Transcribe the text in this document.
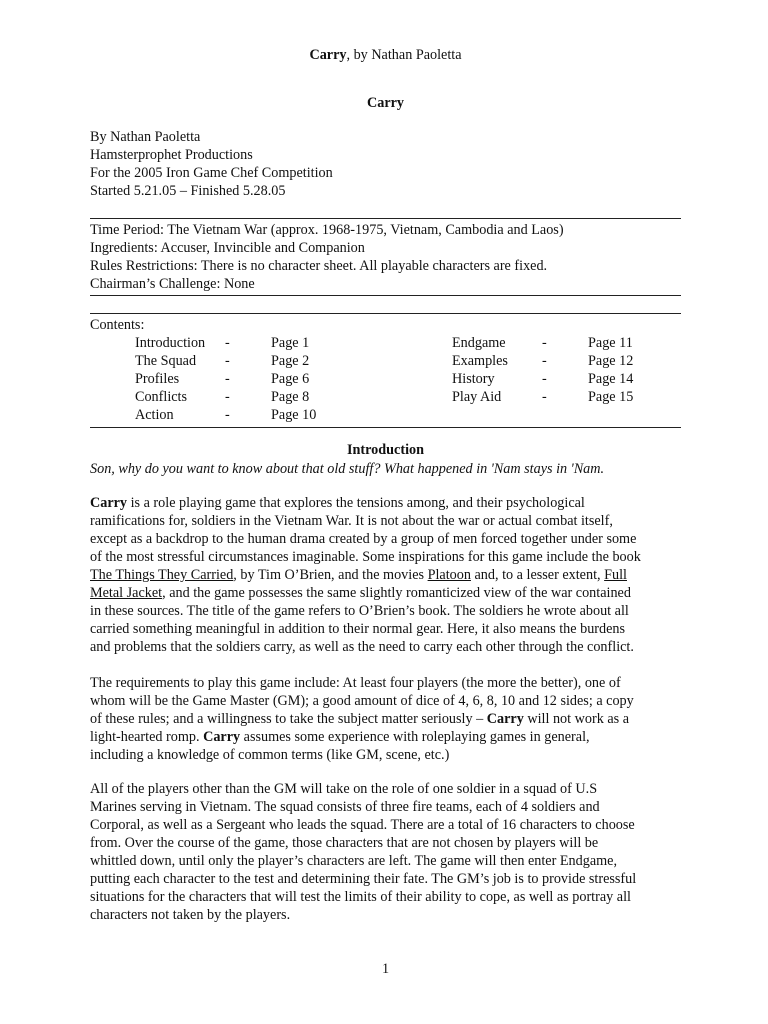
Carry, by Nathan Paoletta
Carry
By Nathan Paoletta
Hamsterprophet Productions
For the 2005 Iron Game Chef Competition
Started 5.21.05 – Finished 5.28.05
Time Period: The Vietnam War (approx. 1968-1975, Vietnam, Cambodia and Laos)
Ingredients: Accuser, Invincible and Companion
Rules Restrictions: There is no character sheet. All playable characters are fixed.
Chairman’s Challenge: None
Contents:
Introduction -	Page 1	Endgame	-	Page 11
The Squad -	Page 2	Examples -	Page 12
Profiles	-	Page 6	History	-	Page 14
Conflicts	-	Page 8	Play Aid	-	Page 15
Action	-	Page 10
Introduction
Son, why do you want to know about that old stuff? What happened in 'Nam stays in 'Nam.
Carry is a role playing game that explores the tensions among, and their psychological
ramifications for, soldiers in the Vietnam War. It is not about the war or actual combat itself,
except as a backdrop to the human drama created by a group of men forced together under some
of the most stressful circumstances imaginable. Some inspirations for this game include the book
The Things They Carried, by Tim O’Brien, and the movies Platoon and, to a lesser extent, Full
Metal Jacket, and the game possesses the same slightly romanticized view of the war contained
in these sources. The title of the game refers to O’Brien’s book. The soldiers he wrote about all
carried something meaningful in addition to their normal gear. Here, it also means the burdens
and problems that the soldiers carry, as well as the need to carry each other through the conflict.
The requirements to play this game include: At least four players (the more the better), one of
whom will be the Game Master (GM); a good amount of dice of 4, 6, 8, 10 and 12 sides; a copy
of these rules; and a willingness to take the subject matter seriously – Carry will not work as a
light-hearted romp. Carry assumes some experience with roleplaying games in general,
including a knowledge of common terms (like GM, scene, etc.)
All of the players other than the GM will take on the role of one soldier in a squad of U.S
Marines serving in Vietnam. The squad consists of three fire teams, each of 4 soldiers and
Corporal, as well as a Sergeant who leads the squad. There are a total of 16 characters to choose
from. Over the course of the game, those characters that are not chosen by players will be
whittled down, until only the player’s characters are left. The game will then enter Endgame,
putting each character to the test and determining their fate. The GM’s job is to provide stressful
situations for the characters that will test the limits of their ability to cope, as well as portray all
characters not taken by the players.
1
